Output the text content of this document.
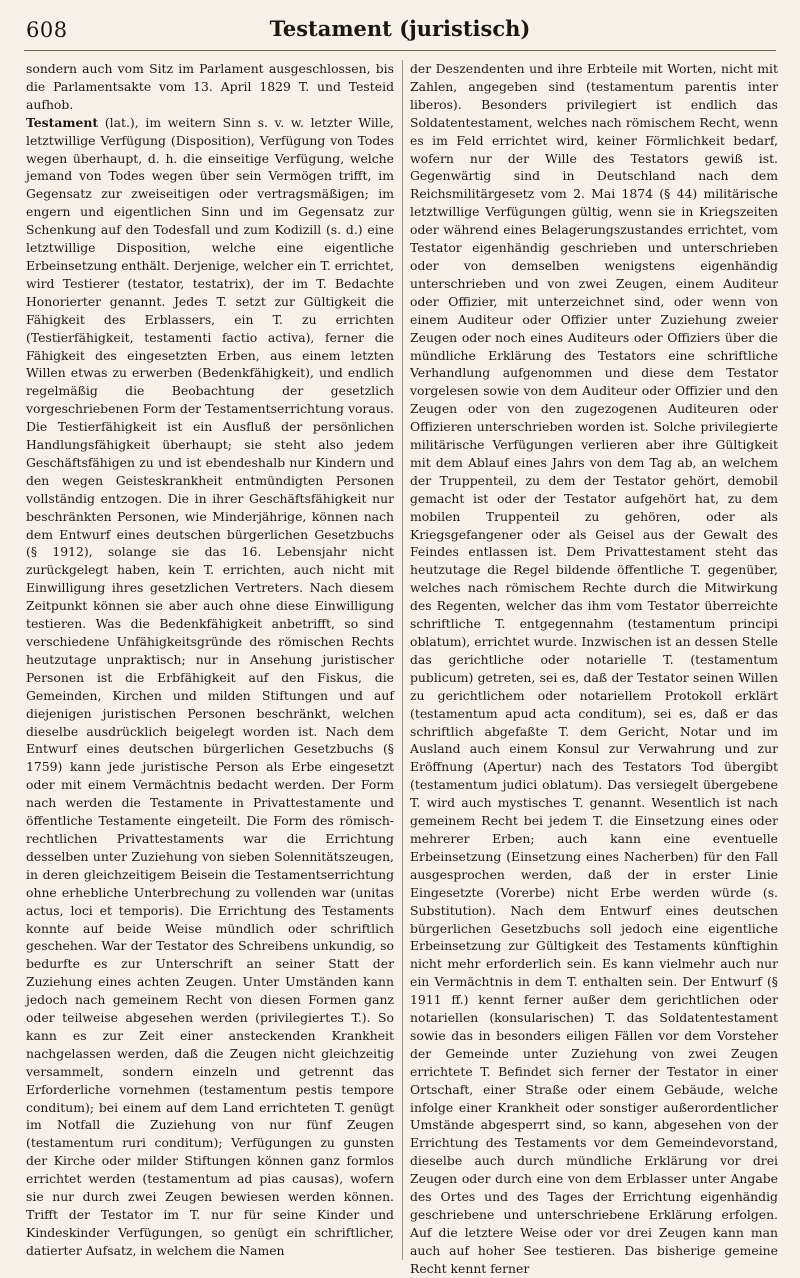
608	Testament (juristisch)

sondern auch vom Sitz im Parlament ausgeschlossen, bis die Parlamentsakte vom 13. April 1829 T. und Testeid aufhob.

Testament (lat.), im weitern Sinn s. v. w. letzter Wille, letztwillige Verfügung (Disposition), Verfügung von Todes wegen überhaupt, d. h. die einseitige Verfügung, welche jemand von Todes wegen über sein Vermögen trifft, im Gegensatz zur zweiseitigen oder vertragsmäßigen; im engern und eigentlichen Sinn und im Gegensatz zur Schenkung auf den Todesfall und zum Kodizill (s. d.) eine letztwillige Disposition, welche eine eigentliche Erbeinsetzung enthält. Derjenige, welcher ein T. errichtet, wird Testierer (testator, testatrix), der im T. Bedachte Honorierter genannt. Jedes T. setzt zur Gültigkeit die Fähigkeit des Erblassers, ein T. zu errichten (Testierfähigkeit, testamenti factio activa), ferner die Fähigkeit des eingesetzten Erben, aus einem letzten Willen etwas zu erwerben (Bedenkfähigkeit), und endlich regelmäßig die Beobachtung der gesetzlich vorgeschriebenen Form der Testamentserrichtung voraus. Die Testierfähigkeit ist ein Ausfluß der persönlichen Handlungsfähigkeit überhaupt; sie steht also jedem Geschäftsfähigen zu und ist ebendeshalb nur Kindern und den wegen Geisteskrankheit entmündigten Personen vollständig entzogen. Die in ihrer Geschäftsfähigkeit nur beschränkten Personen, wie Minderjährige, können nach dem Entwurf eines deutschen bürgerlichen Gesetzbuchs (§ 1912), solange sie das 16. Lebensjahr nicht zurückgelegt haben, kein T. errichten, auch nicht mit Einwilligung ihres gesetzlichen Vertreters. Nach diesem Zeitpunkt können sie aber auch ohne diese Einwilligung testieren. Was die Bedenkfähigkeit anbetrifft, so sind verschiedene Unfähigkeitsgründe des römischen Rechts heutzutage unpraktisch; nur in Ansehung juristischer Personen ist die Erbfähigkeit auf den Fiskus, die Gemeinden, Kirchen und milden Stiftungen und auf diejenigen juristischen Personen beschränkt, welchen dieselbe ausdrücklich beigelegt worden ist. Nach dem Entwurf eines deutschen bürgerlichen Gesetzbuchs (§ 1759) kann jede juristische Person als Erbe eingesetzt oder mit einem Vermächtnis bedacht werden. Der Form nach werden die Testamente in Privattestamente und öffentliche Testamente eingeteilt. Die Form des römisch-rechtlichen Privattestaments war die Errichtung desselben unter Zuziehung von sieben Solennitätszeugen, in deren gleichzeitigem Beisein die Testamentserrichtung ohne erhebliche Unterbrechung zu vollenden war (unitas actus, loci et temporis). Die Errichtung des Testaments konnte auf beide Weise mündlich oder schriftlich geschehen. War der Testator des Schreibens unkundig, so bedurfte es zur Unterschrift an seiner Statt der Zuziehung eines achten Zeugen. Unter Umständen kann jedoch nach gemeinem Recht von diesen Formen ganz oder teilweise abgesehen werden (privilegiertes T.). So kann es zur Zeit einer ansteckenden Krankheit nachgelassen werden, daß die Zeugen nicht gleichzeitig versammelt, sondern einzeln und getrennt das Erforderliche vornehmen (testamentum pestis tempore conditum); bei einem auf dem Land errichteten T. genügt im Notfall die Zuziehung von nur fünf Zeugen (testamentum ruri conditum); Verfügungen zu gunsten der Kirche oder milder Stiftungen können ganz formlos errichtet werden (testamentum ad pias causas), wofern sie nur durch zwei Zeugen bewiesen werden können. Trifft der Testator im T. nur für seine Kinder und Kindeskinder Verfügungen, so genügt ein schriftlicher, datierter Aufsatz, in welchem die Namen

der Deszendenten und ihre Erbteile mit Worten, nicht mit Zahlen, angegeben sind (testamentum parentis inter liberos). Besonders privilegiert ist endlich das Soldatentestament, welches nach römischem Recht, wenn es im Feld errichtet wird, keiner Förmlichkeit bedarf, wofern nur der Wille des Testators gewiß ist. Gegenwärtig sind in Deutschland nach dem Reichsmilitärgesetz vom 2. Mai 1874 (§ 44) militärische letztwillige Verfügungen gültig, wenn sie in Kriegszeiten oder während eines Belagerungszustandes errichtet, vom Testator eigenhändig geschrieben und unterschrieben oder von demselben wenigstens eigenhändig unterschrieben und von zwei Zeugen, einem Auditeur oder Offizier, mit unterzeichnet sind, oder wenn von einem Auditeur oder Offizier unter Zuziehung zweier Zeugen oder noch eines Auditeurs oder Offiziers über die mündliche Erklärung des Testators eine schriftliche Verhandlung aufgenommen und diese dem Testator vorgelesen sowie von dem Auditeur oder Offizier und den Zeugen oder von den zugezogenen Auditeuren oder Offizieren unterschrieben worden ist. Solche privilegierte militärische Verfügungen verlieren aber ihre Gültigkeit mit dem Ablauf eines Jahrs von dem Tag ab, an welchem der Truppenteil, zu dem der Testator gehört, demobil gemacht ist oder der Testator aufgehört hat, zu dem mobilen Truppenteil zu gehören, oder als Kriegsgefangener oder als Geisel aus der Gewalt des Feindes entlassen ist. Dem Privattestament steht das heutzutage die Regel bildende öffentliche T. gegenüber, welches nach römischem Rechte durch die Mitwirkung des Regenten, welcher das ihm vom Testator überreichte schriftliche T. entgegennahm (testamentum principi oblatum), errichtet wurde. Inzwischen ist an dessen Stelle das gerichtliche oder notarielle T. (testamentum publicum) getreten, sei es, daß der Testator seinen Willen zu gerichtlichem oder notariellem Protokoll erklärt (testamentum apud acta conditum), sei es, daß er das schriftlich abgefaßte T. dem Gericht, Notar und im Ausland auch einem Konsul zur Verwahrung und zur Eröffnung (Apertur) nach des Testators Tod übergibt (testamentum judici oblatum). Das versiegelt übergebene T. wird auch mystisches T. genannt. Wesentlich ist nach gemeinem Recht bei jedem T. die Einsetzung eines oder mehrerer Erben; auch kann eine eventuelle Erbeinsetzung (Einsetzung eines Nacherben) für den Fall ausgesprochen werden, daß der in erster Linie Eingesetzte (Vorerbe) nicht Erbe werden würde (s. Substitution). Nach dem Entwurf eines deutschen bürgerlichen Gesetzbuchs soll jedoch eine eigentliche Erbeinsetzung zur Gültigkeit des Testaments künftighin nicht mehr erforderlich sein. Es kann vielmehr auch nur ein Vermächtnis in dem T. enthalten sein. Der Entwurf (§ 1911 ff.) kennt ferner außer dem gerichtlichen oder notariellen (konsularischen) T. das Soldatentestament sowie das in besonders eiligen Fällen vor dem Vorsteher der Gemeinde unter Zuziehung von zwei Zeugen errichtete T. Befindet sich ferner der Testator in einer Ortschaft, einer Straße oder einem Gebäude, welche infolge einer Krankheit oder sonstiger außerordentlicher Umstände abgesperrt sind, so kann, abgesehen von der Errichtung des Testaments vor dem Gemeindevorstand, dieselbe auch durch mündliche Erklärung vor drei Zeugen oder durch eine von dem Erblasser unter Angabe des Ortes und des Tages der Errichtung eigenhändig geschriebene und unterschriebene Erklärung erfolgen. Auf die letztere Weise oder vor drei Zeugen kann man auch auf hoher See testieren. Das bisherige gemeine Recht kennt ferner
